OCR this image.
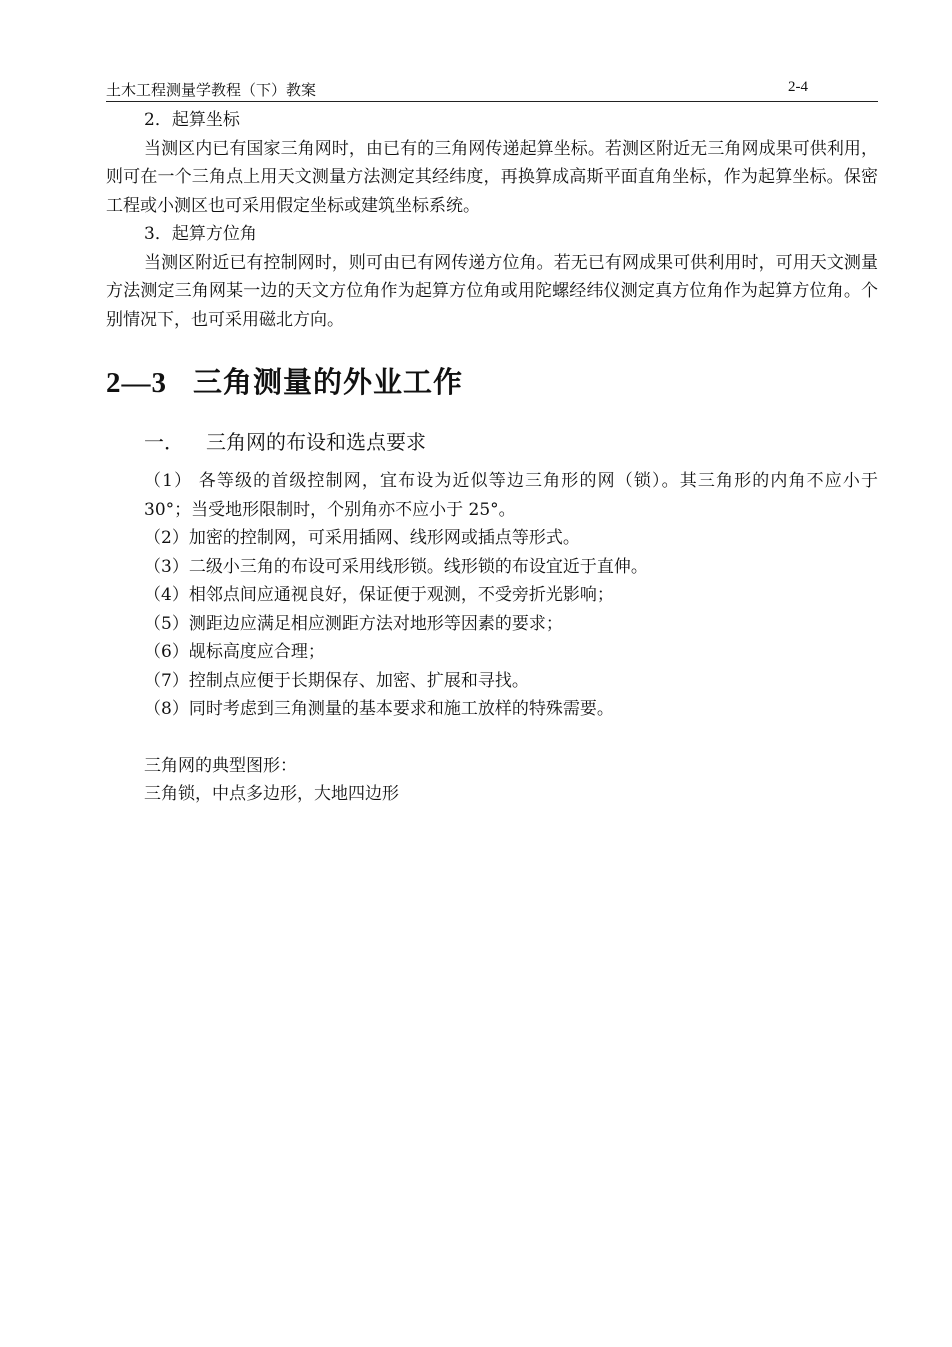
土木工程测量学教程（下）教案	2-4

2．起算坐标

当测区内已有国家三角网时，由已有的三角网传递起算坐标。若测区附近无三角网成果可供利用，则可在一个三角点上用天文测量方法测定其经纬度，再换算成高斯平面直角坐标，作为起算坐标。保密工程或小测区也可采用假定坐标或建筑坐标系统。

3．起算方位角

当测区附近已有控制网时，则可由已有网传递方位角。若无已有网成果可供利用时，可用天文测量方法测定三角网某一边的天文方位角作为起算方位角或用陀螺经纬仪测定真方位角作为起算方位角。个别情况下，也可采用磁北方向。

2—3 三角测量的外业工作
一． 三角网的布设和选点要求

（1） 各等级的首级控制网，宜布设为近似等边三角形的网（锁）。其三角形的内角不应小于 30°；当受地形限制时，个别角亦不应小于 25°。

（2）加密的控制网，可采用插网、线形网或插点等形式。

（3）二级小三角的布设可采用线形锁。线形锁的布设宜近于直伸。

（4）相邻点间应通视良好，保证便于观测，不受旁折光影响；

（5）测距边应满足相应测距方法对地形等因素的要求；

（6）觇标高度应合理；

（7）控制点应便于长期保存、加密、扩展和寻找。

（8）同时考虑到三角测量的基本要求和施工放样的特殊需要。

三角网的典型图形：

三角锁，中点多边形，大地四边形
